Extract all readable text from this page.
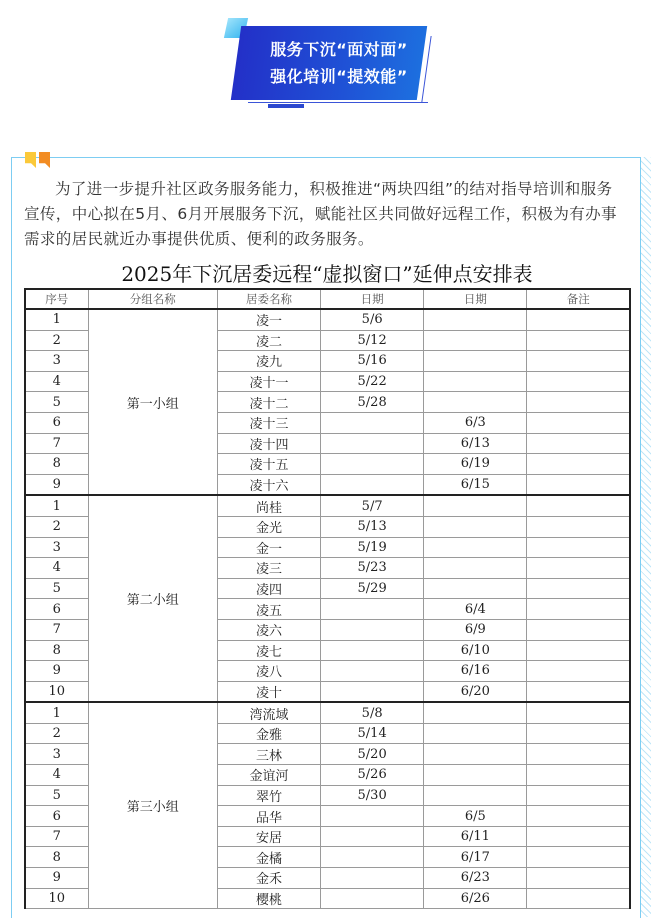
服务下沉“面对面”
强化培训“提效能”

为了进一步提升社区政务服务能力，积极推进“两块四组”的结对指导培训和服务宣传，中心拟在5月、6月开展服务下沉，赋能社区共同做好远程工作，积极为有办事需求的居民就近办事提供优质、便利的政务服务。

2025年下沉居委远程“虚拟窗口”延伸点安排表
序号	分组名称	居委名称	日期	日期	备注
1	第一小组	凌一	5/6		
2		凌二	5/12		
3		凌九	5/16		
4		凌十一	5/22		
5		凌十二	5/28		
6		凌十三		6/3	
7		凌十四		6/13	
8		凌十五		6/19	
9		凌十六		6/15	
1	第二小组	尚桂	5/7		
2		金光	5/13		
3		金一	5/19		
4		凌三	5/23		
5		凌四	5/29		
6		凌五		6/4	
7		凌六		6/9	
8		凌七		6/10	
9		凌八		6/16	
10		凌十		6/20	
1	第三小组	湾流域	5/8		
2		金雅	5/14		
3		三林	5/20		
4		金谊河	5/26		
5		翠竹	5/30		
6		品华		6/5	
7		安居		6/11	
8		金橘		6/17	
9		金禾		6/23	
10		樱桃		6/26	
